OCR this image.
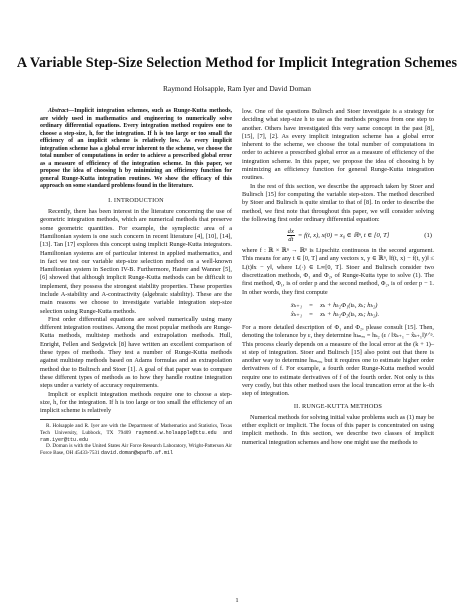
A Variable Step-Size Selection Method for Implicit Integration Schemes
Raymond Holsapple, Ram Iyer and David Doman
Abstract—Implicit integration schemes, such as Runge-Kutta methods, are widely used in mathematics and engineering to numerically solve ordinary differential equations. Every integration method requires one to choose a step-size, h, for the integration. If h is too large or too small the efficiency of an implicit scheme is relatively low. As every implicit integration scheme has a global error inherent to the scheme, we choose the total number of computations in order to achieve a prescribed global error as a measure of efficiency of the integration scheme. In this paper, we propose the idea of choosing h by minimizing an efficiency function for general Runge-Kutta integration routines. We show the efficacy of this approach on some standard problems found in the literature.
I. INTRODUCTION

Recently, there has been interest in the literature concerning the use of geometric integration methods, which are numerical methods that preserve some geometric quantities. For example, the symplectic area of a Hamiltonian system is one such concern in recent literature [4], [10], [14], [13]. Tan [17] explores this concept using implicit Runge-Kutta integrators. Hamiltonian systems are of particular interest in applied mathematics, and in fact we test our variable step-size selection method on a well-known Hamiltonian system in Section IV-B. Furthermore, Hairer and Wanner [5], [6] showed that although implicit Runge-Kutta methods can be difficult to implement, they possess the strongest stability properties. These properties include A-stability and A-contractivity (algebraic stability). These are the main reasons we choose to investigate variable integration step-size selection using Runge-Kutta methods.

First order differential equations are solved numerically using many different integration routines. Among the most popular methods are Runge-Kutta methods, multistep methods and extrapolation methods. Hull, Enright, Fellen and Sedgwick [8] have written an excellent comparison of these types of methods. They test a number of Runge-Kutta methods against multistep methods based on Adams formulas and an extrapolation method due to Bulirsch and Stoer [1]. A goal of that paper was to compare these different types of methods as to how they handle routine integration steps under a variety of accuracy requirements.

Implicit or explicit integration methods require one to choose a step-size, h, for the integration. If h is too large or too small the efficiency of an implicit scheme is relatively

R. Holsapple and R. Iyer are with the Department of Mathematics and Statistics, Texas Tech University, Lubbock, TX 79409 raymond.w.holsapple@ttu.edu and ram.iyer@ttu.edu
D. Doman is with the United States Air Force Research Laboratory, Wright-Patterson Air Force Base, OH 45433-7531 david.doman@wpafb.af.mil

low. One of the questions Bulirsch and Stoer investigate is a strategy for deciding what step-size h to use as the methods progress from one step to another. Others have investigated this very same concept in the past [8], [15], [7], [2]. As every implicit integration scheme has a global error inherent to the scheme, we choose the total number of computations in order to achieve a prescribed global error as a measure of efficiency of the integration scheme. In this paper, we propose the idea of choosing h by minimizing an efficiency function for general Runge-Kutta integration routines.

In the rest of this section, we describe the approach taken by Stoer and Bulirsch [15] for computing the variable step-sizes. The method described by Stoer and Bulirsch is quite similar to that of [8]. In order to describe the method, we first note that throughout this paper, we will consider solving the following first order ordinary differential equation:

$\frac{dx}{dt} = f(t$, x), x(0) = x₀ ∈ ℝⁿ, t ∈ [0, T]	(1)

where f : ℝ × ℝⁿ → ℝⁿ is Lipschitz continuous in the second argument. This means for any t ∈ [0, T] and any vectors x, y ∈ ℝⁿ, ‖f(t, x) − f(t, y)‖ ≤ L(t)‖x − y‖, where L(·) ∈ L∞[0, T]. Stoer and Bulirsch consider two discretization methods, Φ₁ and Φ₂, of Runge-Kutta type to solve (1). The first method, Φ₁, is of order p and the second method, Φ₂, is of order p − 1. In other words, they first compute

x̄ₖ₊₁	=	xₖ + hₖ₂Φ₁(tₖ, x̄ₖ; hₖ₂)
x̂ₖ₊₁	=	xₖ + hₖ₂Φ₂(tₖ, xₖ; hₖ₂).

For a more detailed description of Φ₁ and Φ₂, please consult [15]. Then, denoting the tolerance by ε, they determine hₖₙₑᵤ = hₖ₂ (ε / ‖x̄ₖ₊₁ − x̂ₖ₊₁‖)¹ᐟᵖ. This process clearly depends on a measure of the local error at the (k + 1)–st step of integration. Stoer and Bulirsch [15] also point out that there is another way to determine hₖₙₑᵤ, but it requires one to estimate higher order derivatives of f. For example, a fourth order Runge-Kutta method would require one to estimate derivatives of f of the fourth order. Not only is this very costly, but this other method uses the local truncation error at the k–th step of integration.

II. RUNGE-KUTTA METHODS

Numerical methods for solving initial value problems such as (1) may be either explicit or implicit. The focus of this paper is concentrated on using implicit methods. In this section, we describe two classes of implicit numerical integration schemes and how one might use the methods to

1
